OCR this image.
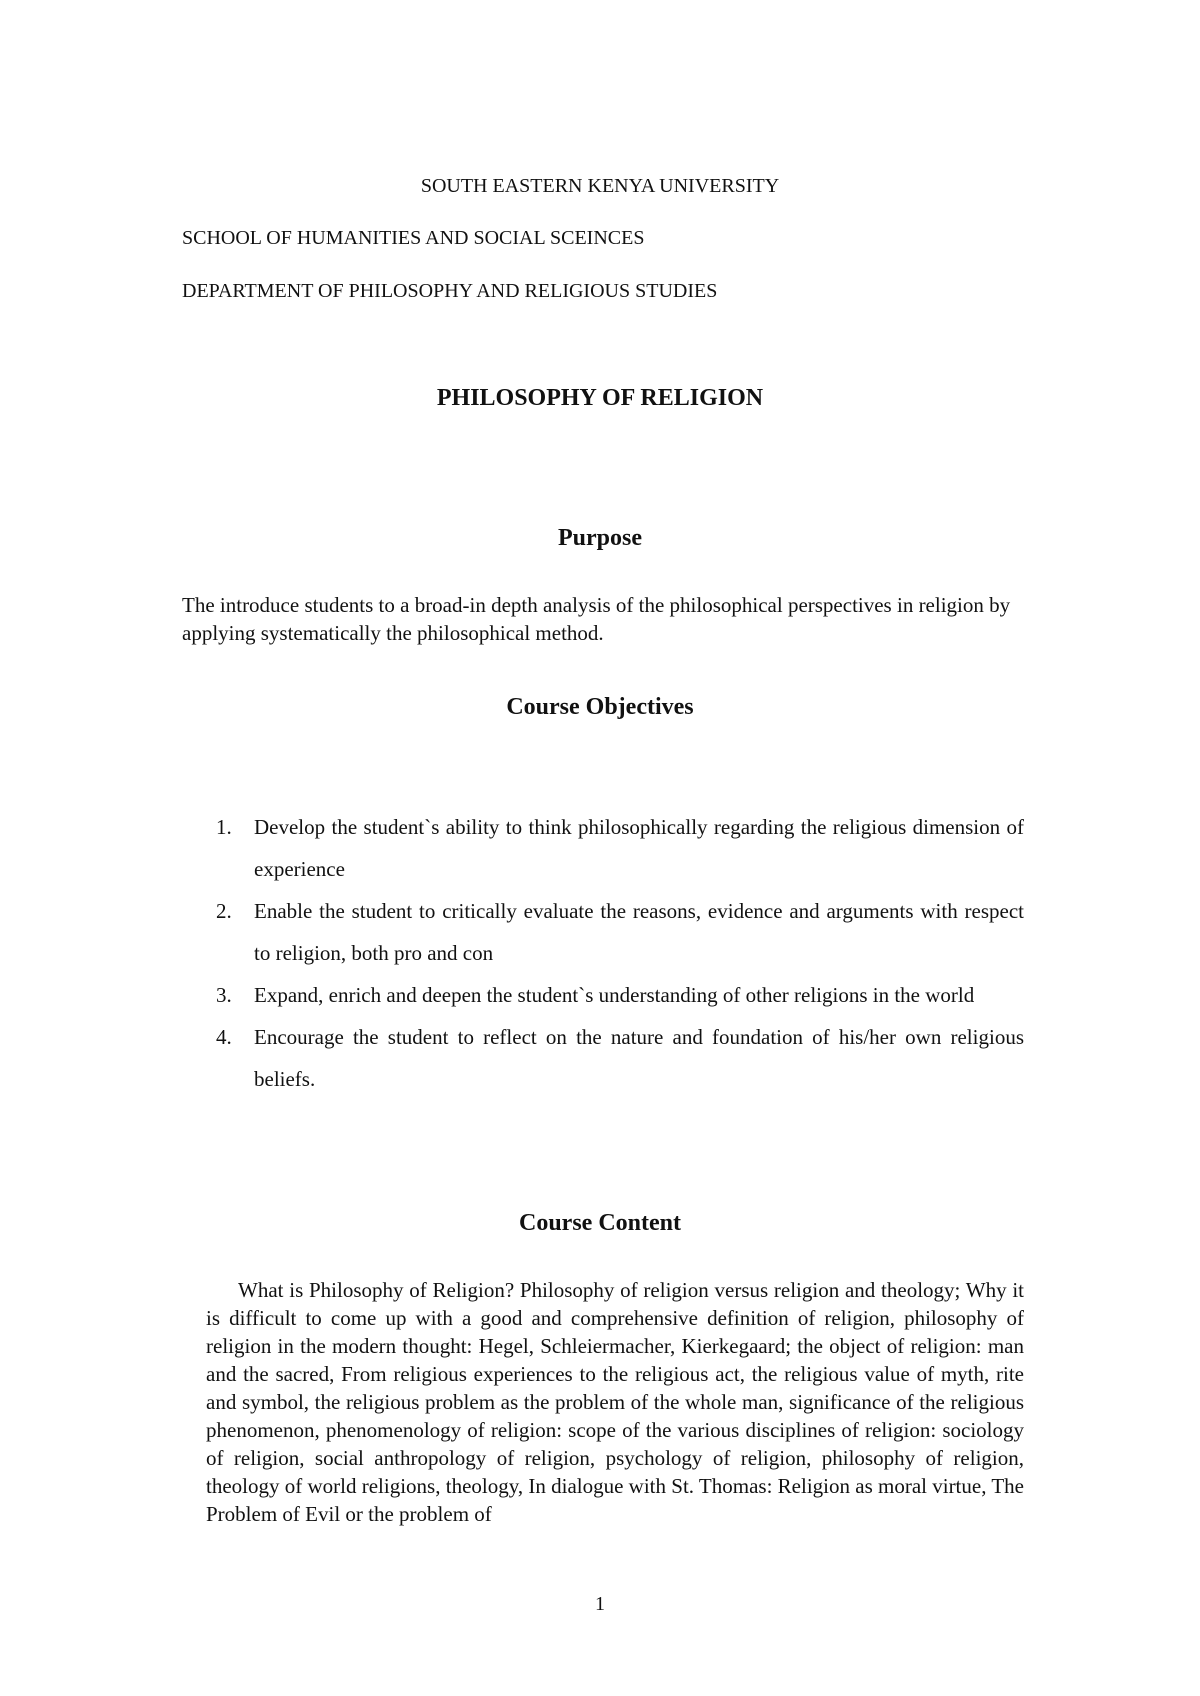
SOUTH EASTERN KENYA UNIVERSITY

SCHOOL OF HUMANITIES AND SOCIAL SCEINCES

DEPARTMENT OF PHILOSOPHY AND RELIGIOUS STUDIES

PHILOSOPHY OF RELIGION
Purpose

The introduce students to a broad-in depth analysis of the philosophical perspectives in religion by applying systematically the philosophical method.

Course Objectives
1. Develop the student`s ability to think philosophically regarding the religious dimension of experience
2. Enable the student to critically evaluate the reasons, evidence and arguments with respect to religion, both pro and con
3. Expand, enrich and deepen the student`s understanding of other religions in the world
4. Encourage the student to reflect on the nature and foundation of his/her own religious beliefs.
Course Content

What is Philosophy of Religion? Philosophy of religion versus religion and theology; Why it is difficult to come up with a good and comprehensive definition of religion, philosophy of religion in the modern thought: Hegel, Schleiermacher, Kierkegaard; the object of religion: man and the sacred, From religious experiences to the religious act, the religious value of myth, rite and symbol, the religious problem as the problem of the whole man, significance of the religious phenomenon, phenomenology of religion: scope of the various disciplines of religion: sociology of religion, social anthropology of religion, psychology of religion, philosophy of religion, theology of world religions, theology, In dialogue with St. Thomas: Religion as moral virtue, The Problem of Evil or the problem of

1
